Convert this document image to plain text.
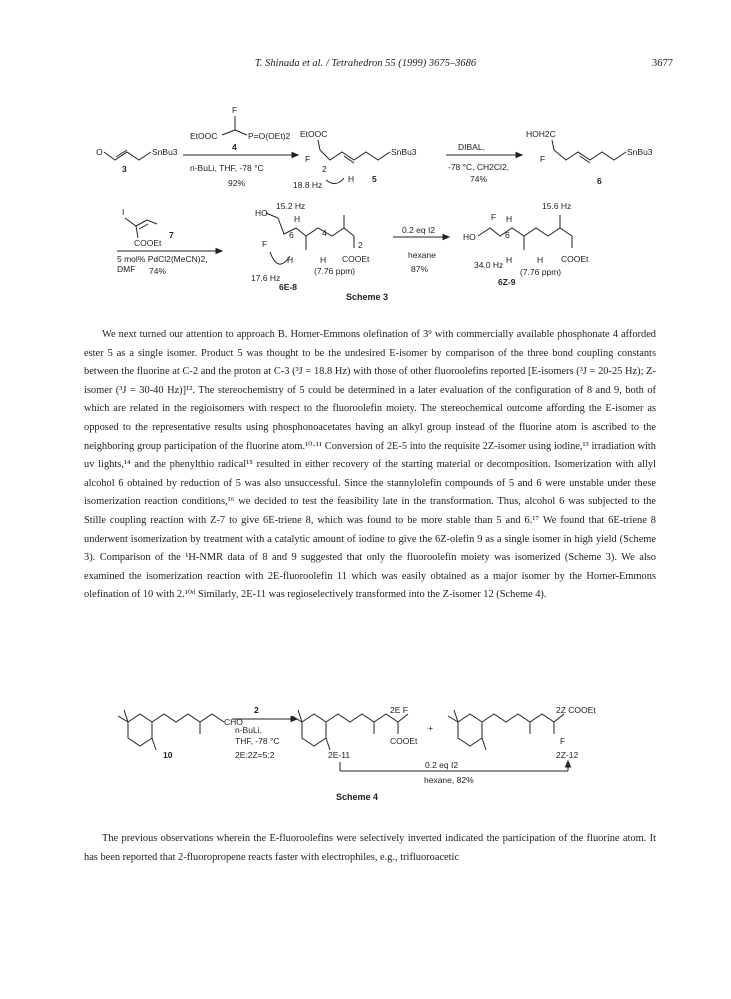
T. Shinada et al. / Tetrahedron 55 (1999) 3675–3686	3677
O	SnBu3
3
F
EtOOC	P=O(OEt)2
4
n-BuLi, THF, -78 °C
92%
EtOOC
F
2
SnBu3
18.8 Hz
H 5
DIBAL,
-78 °C, CH2Cl2,
74%
HOH2C
F
SnBu3
6
I
COOEt
7
5 mol% PdCl2(MeCN)2,
DMF 74%
HO
15.2 Hz
H
F
6	4
2
H	H COOEt
(7.76 ppm)
17.6 Hz
6E-8
0.2 eq I2
hexane
87%
HO
F H
6
15.6 Hz
34.0 Hz H	H COOEt
(7.76 ppm)
6Z-9
Scheme 3

We next turned our attention to approach B. Horner-Emmons olefination of 3⁹ with commercially available phosphonate 4 afforded ester 5 as a single isomer. Product 5 was thought to be the undesired E-isomer by comparison of the three bond coupling constants between the fluorine at C-2 and the proton at C-3 (³J = 18.8 Hz) with those of other fluoroolefins reported [E-isomers (³J = 20-25 Hz); Z-isomer (³J = 30-40 Hz)]¹². The stereochemistry of 5 could be determined in a later evaluation of the configuration of 8 and 9, both of which are related in the regioisomers with respect to the fluoroolefin moiety. The stereochemical outcome affording the E-isomer as opposed to the representative results using phosphonoacetates having an alkyl group instead of the fluorine atom is ascribed to the neighboring group participation of the fluorine atom.¹⁰·¹¹ Conversion of 2E-5 into the requisite 2Z-isomer using iodine,¹³ irradiation with uv lights,¹⁴ and the phenylthio radical¹⁵ resulted in either recovery of the starting material or decomposition. Isomerization with allyl alcohol 6 obtained by reduction of 5 was also unsuccessful. Since the stannylolefin compounds of 5 and 6 were unstable under these isomerization reaction conditions,¹⁶ we decided to test the feasibility late in the transformation. Thus, alcohol 6 was subjected to the Stille coupling reaction with Z-7 to give 6E-triene 8, which was found to be more stable than 5 and 6.¹⁷ We found that 6E-triene 8 underwent isomerization by treatment with a catalytic amount of iodine to give the 6Z-olefin 9 as a single isomer in high yield (Scheme 3). Comparison of the ¹H-NMR data of 8 and 9 suggested that only the fluoroolefin moiety was isomerized (Scheme 3). We also examined the isomerization reaction with 2E-fluoroolefin 11 which was easily obtained as a major isomer by the Horner-Emmons olefination of 10 with 2.¹⁰ᵈ Similarly, 2E-11 was regioselectively transformed into the Z-isomer 12 (Scheme 4).

CHO
10
2
n-BuLi,
THF, -78 °C
2E:2Z=5:2
2E F
COOEt
2E-11
+
2Z COOEt
F
2Z-12
0.2 eq I2
hexane, 82%
Scheme 4

The previous observations wherein the E-fluoroolefins were selectively inverted indicated the participation of the fluorine atom. It has been reported that 2-fluoropropene reacts faster with electrophiles, e.g., trifluoroacetic
